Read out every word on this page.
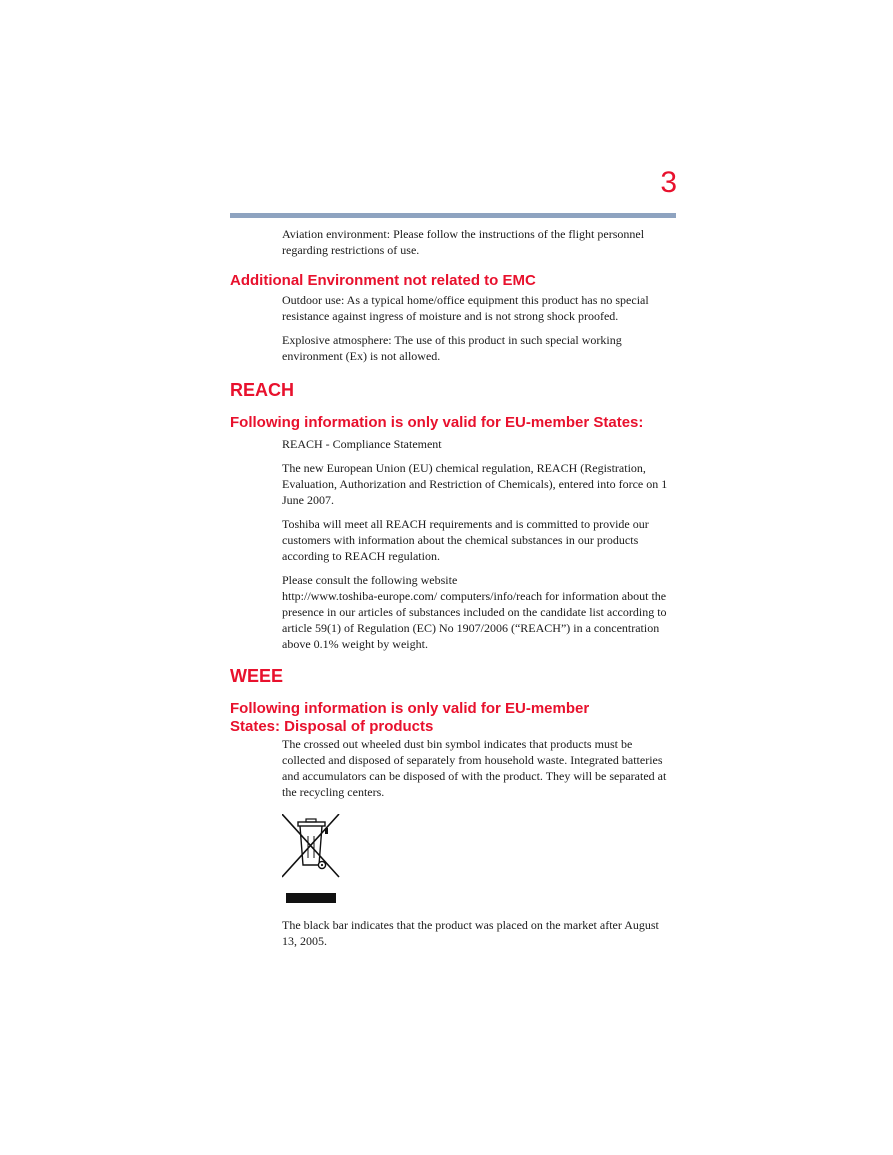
3

Aviation environment: Please follow the instructions of the flight personnel regarding restrictions of use.

Additional Environment not related to EMC

Outdoor use: As a typical home/office equipment this product has no special resistance against ingress of moisture and is not strong shock proofed.

Explosive atmosphere: The use of this product in such special working environment (Ex) is not allowed.

REACH
Following information is only valid for EU-member States:

REACH - Compliance Statement

The new European Union (EU) chemical regulation, REACH (Registration, Evaluation, Authorization and Restriction of Chemicals), entered into force on 1 June 2007.

Toshiba will meet all REACH requirements and is committed to provide our customers with information about the chemical substances in our products according to REACH regulation.

Please consult the following website
http://www.toshiba-europe.com/ computers/info/reach for information about the presence in our articles of substances included on the candidate list according to article 59(1) of Regulation (EC) No 1907/2006 (“REACH”) in a concentration above 0.1% weight by weight.

WEEE
Following information is only valid for EU-member
States: Disposal of products

The crossed out wheeled dust bin symbol indicates that products must be collected and disposed of separately from household waste. Integrated batteries and accumulators can be disposed of with the product. They will be separated at the recycling centers.

The black bar indicates that the product was placed on the market after August 13, 2005.
